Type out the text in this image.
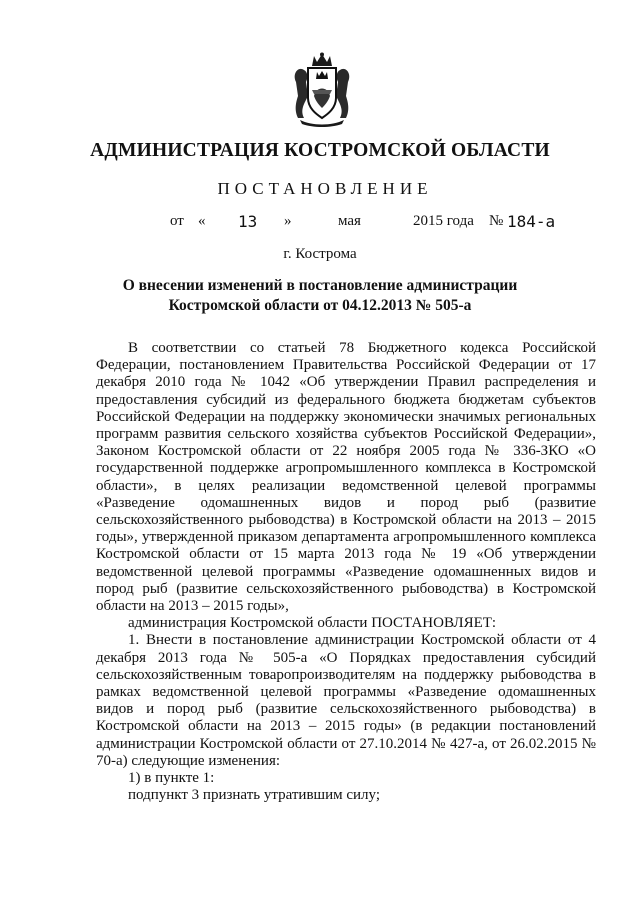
АДМИНИСТРАЦИЯ КОСТРОМСКОЙ ОБЛАСТИ
ПОСТАНОВЛЕНИЕ
от « 13 »	мая	2015 года № 184-а
г. Кострома
О внесении изменений в постановление администрации
Костромской области от 04.12.2013 № 505-а

В соответствии со статьей 78 Бюджетного кодекса Российской Федерации, постановлением Правительства Российской Федерации от 17 декабря 2010 года № 1042 «Об утверждении Правил распределения и предоставления субсидий из федерального бюджета бюджетам субъектов Российской Федерации на поддержку экономически значимых региональных программ развития сельского хозяйства субъектов Российской Федерации», Законом Костромской области от 22 ноября 2005 года № 336-ЗКО «О государственной поддержке агропромышленного комплекса в Костромской области», в целях реализации ведомственной целевой программы «Разведение одомашненных видов и пород рыб (развитие сельскохозяйственного рыбоводства) в Костромской области на 2013 – 2015 годы», утвержденной приказом департамента агропромышленного комплекса Костромской области от 15 марта 2013 года № 19 «Об утверждении ведомственной целевой программы «Разведение одомашненных видов и пород рыб (развитие сельскохозяйственного рыбоводства) в Костромской области на 2013 – 2015 годы»,

администрация Костромской области ПОСТАНОВЛЯЕТ:

1. Внести в постановление администрации Костромской области от 4 декабря 2013 года № 505-а «О Порядках предоставления субсидий сельскохозяйственным товаропроизводителям на поддержку рыбоводства в рамках ведомственной целевой программы «Разведение одомашненных видов и пород рыб (развитие сельскохозяйственного рыбоводства) в Костромской области на 2013 – 2015 годы» (в редакции постановлений администрации Костромской области от 27.10.2014 № 427-а, от 26.02.2015 № 70-а) следующие изменения:

1) в пункте 1:

подпункт 3 признать утратившим силу;
